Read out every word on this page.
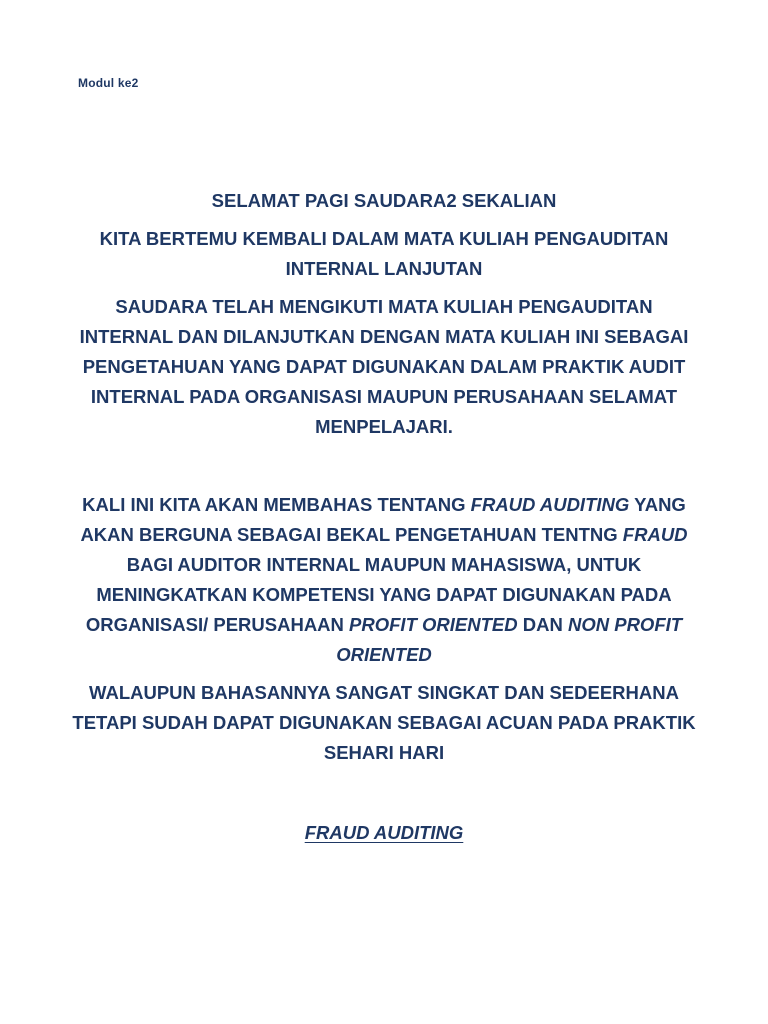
Modul ke2

SELAMAT PAGI SAUDARA2 SEKALIAN

KITA BERTEMU KEMBALI DALAM MATA KULIAH PENGAUDITAN INTERNAL LANJUTAN

SAUDARA TELAH MENGIKUTI MATA KULIAH PENGAUDITAN INTERNAL DAN DILANJUTKAN DENGAN MATA KULIAH INI SEBAGAI PENGETAHUAN YANG DAPAT DIGUNAKAN DALAM PRAKTIK AUDIT INTERNAL PADA ORGANISASI MAUPUN PERUSAHAAN SELAMAT MENPELAJARI.

KALI INI KITA AKAN MEMBAHAS TENTANG FRAUD AUDITING YANG AKAN BERGUNA SEBAGAI BEKAL PENGETAHUAN TENTNG FRAUD BAGI AUDITOR INTERNAL MAUPUN MAHASISWA, UNTUK MENINGKATKAN KOMPETENSI YANG DAPAT DIGUNAKAN PADA ORGANISASI/ PERUSAHAAN PROFIT ORIENTED DAN NON PROFIT ORIENTED

WALAUPUN BAHASANNYA SANGAT SINGKAT DAN SEDEERHANA TETAPI SUDAH DAPAT DIGUNAKAN SEBAGAI ACUAN PADA PRAKTIK SEHARI HARI

FRAUD AUDITING
